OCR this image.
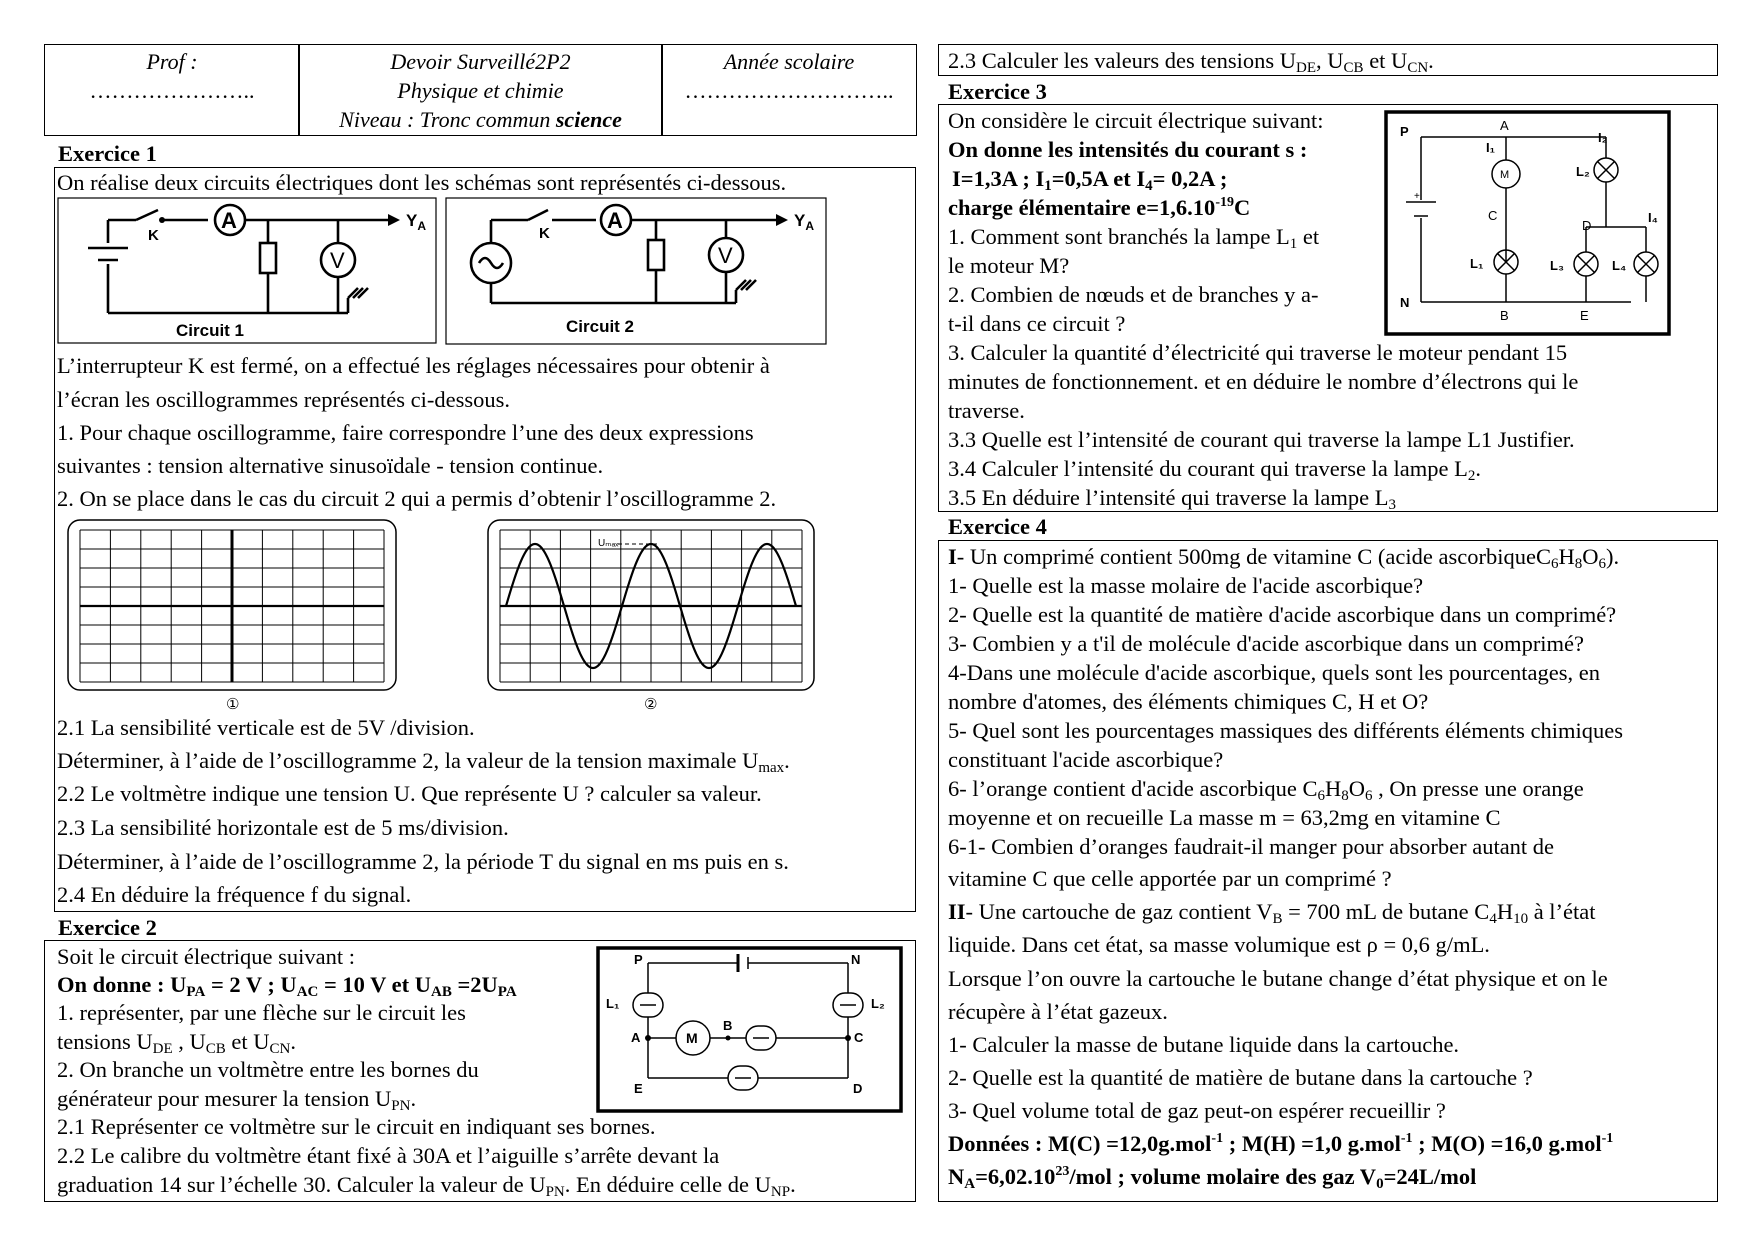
Prof :
…………………..
Devoir Surveillé2P2
Physique et chimie
Niveau : Tronc commun science
Année scolaire
………………………..
Exercice 1
On réalise deux circuits électriques dont les schémas sont représentés ci-dessous.
A
V
K
$Y_A$
Circuit 1
A
V
K
$Y_A$
Circuit 2
L’interrupteur K est fermé, on a effectué les réglages nécessaires pour obtenir à
l’écran les oscillogrammes représentés ci-dessous.
1. Pour chaque oscillogramme, faire correspondre l’une des deux expressions
suivantes : tension alternative sinusoïdale - tension continue.
2. On se place dans le cas du circuit 2 qui a permis d’obtenir l’oscillogramme 2.
①
Uₘₐₓ
②
2.1 La sensibilité verticale est de 5V /division.
Déterminer, à l’aide de l’oscillogramme 2, la valeur de la tension maximale $U_{max}$.
2.2 Le voltmètre indique une tension U. Que représente U ? calculer sa valeur.
2.3 La sensibilité horizontale est de 5 ms/division.
Déterminer, à l’aide de l’oscillogramme 2, la période T du signal en ms puis en s.
2.4 En déduire la fréquence f du signal.
Exercice 2
Soit le circuit électrique suivant :
On donne : $U_{PA} = 2$ V ; $U_{AC} = 10$ V et $U_{AB} =2U_{PA}$
1. représenter, par une flèche sur le circuit les
tensions $U_{DE}$ , $U_{CB}$ et $U_{CN}$.
2. On branche un voltmètre entre les bornes du
générateur pour mesurer la tension $U_{PN}$.
2.1 Représenter ce voltmètre sur le circuit en indiquant ses bornes.
2.2 Le calibre du voltmètre étant fixé à 30A et l’aiguille s’arrête devant la
graduation 14 sur l’échelle 30. Calculer la valeur de $U_{PN}$. En déduire celle de $U_{NP}$.
P	N
L₁	L₂
A
B
C
E	D
M
2.3 Calculer les valeurs des tensions $U_{DE}$, $U_{CB}$ et $U_{CN}$.
Exercice 3
On considère le circuit électrique suivant:
On donne les intensités du courant s :
I=1,3A ; $I_1=0,5A$ et $I_4= 0,2A$ ;
charge élémentaire $e=1,6.10^{-19}C$
1. Comment sont branchés la lampe $L_1$ et
le moteur M?
2. Combien de nœuds et de branches y a-
t-il dans ce circuit ?
3. Calculer la quantité d’électricité qui traverse le moteur pendant 15
minutes de fonctionnement. et en déduire le nombre d’électrons qui le
traverse.
3.3 Quelle est l’intensité de courant qui traverse la lampe L1 Justifier.
3.4 Calculer l’intensité du courant qui traverse la lampe $L_2$.
3.5 En déduire l’intensité qui traverse la lampe $L_3$
+
P	A
I₁
I₂
M	L₂
C
D
I₄
L₁	L₃	L₄
N
B	E
Exercice 4
I- Un comprimé contient 500mg de vitamine C (acide $ascorbiqueC_6H_8O_6$).
1- Quelle est la masse molaire de l'acide ascorbique?
2- Quelle est la quantité de matière d'acide ascorbique dans un comprimé?
3- Combien y a t'il de molécule d'acide ascorbique dans un comprimé?
4-Dans une molécule d'acide ascorbique, quels sont les pourcentages, en
nombre d'atomes, des éléments chimiques C, H et O?
5- Quel sont les pourcentages massiques des différents éléments chimiques
constituant l'acide ascorbique?
6- l’orange contient d'acide ascorbique $C_6H_8O_6$ , On presse une orange
moyenne et on recueille La masse m = 63,2mg en vitamine C
6-1- Combien d’oranges faudrait-il manger pour absorber autant de
vitamine C que celle apportée par un comprimé ?
II- Une cartouche de gaz contient $V_B = 700$ mL de butane $C_4H_{10}$ à l’état
liquide. Dans cet état, sa masse volumique est ρ = 0,6 g/mL.
Lorsque l’on ouvre la cartouche le butane change d’état physique et on le
récupère à l’état gazeux.
1- Calculer la masse de butane liquide dans la cartouche.
2- Quelle est la quantité de matière de butane dans la cartouche ?
3- Quel volume total de gaz peut-on espérer recueillir ?
Données : M(C) =12,0g.mol$^{-1}$ ; M(H) =1,0 g.mol$^{-1}$ ; M(O) =16,0 g.mol$^{-1}$
$N_A=6,02.10^{23}$/mol ; volume molaire des gaz $V_0=24L$/mol
